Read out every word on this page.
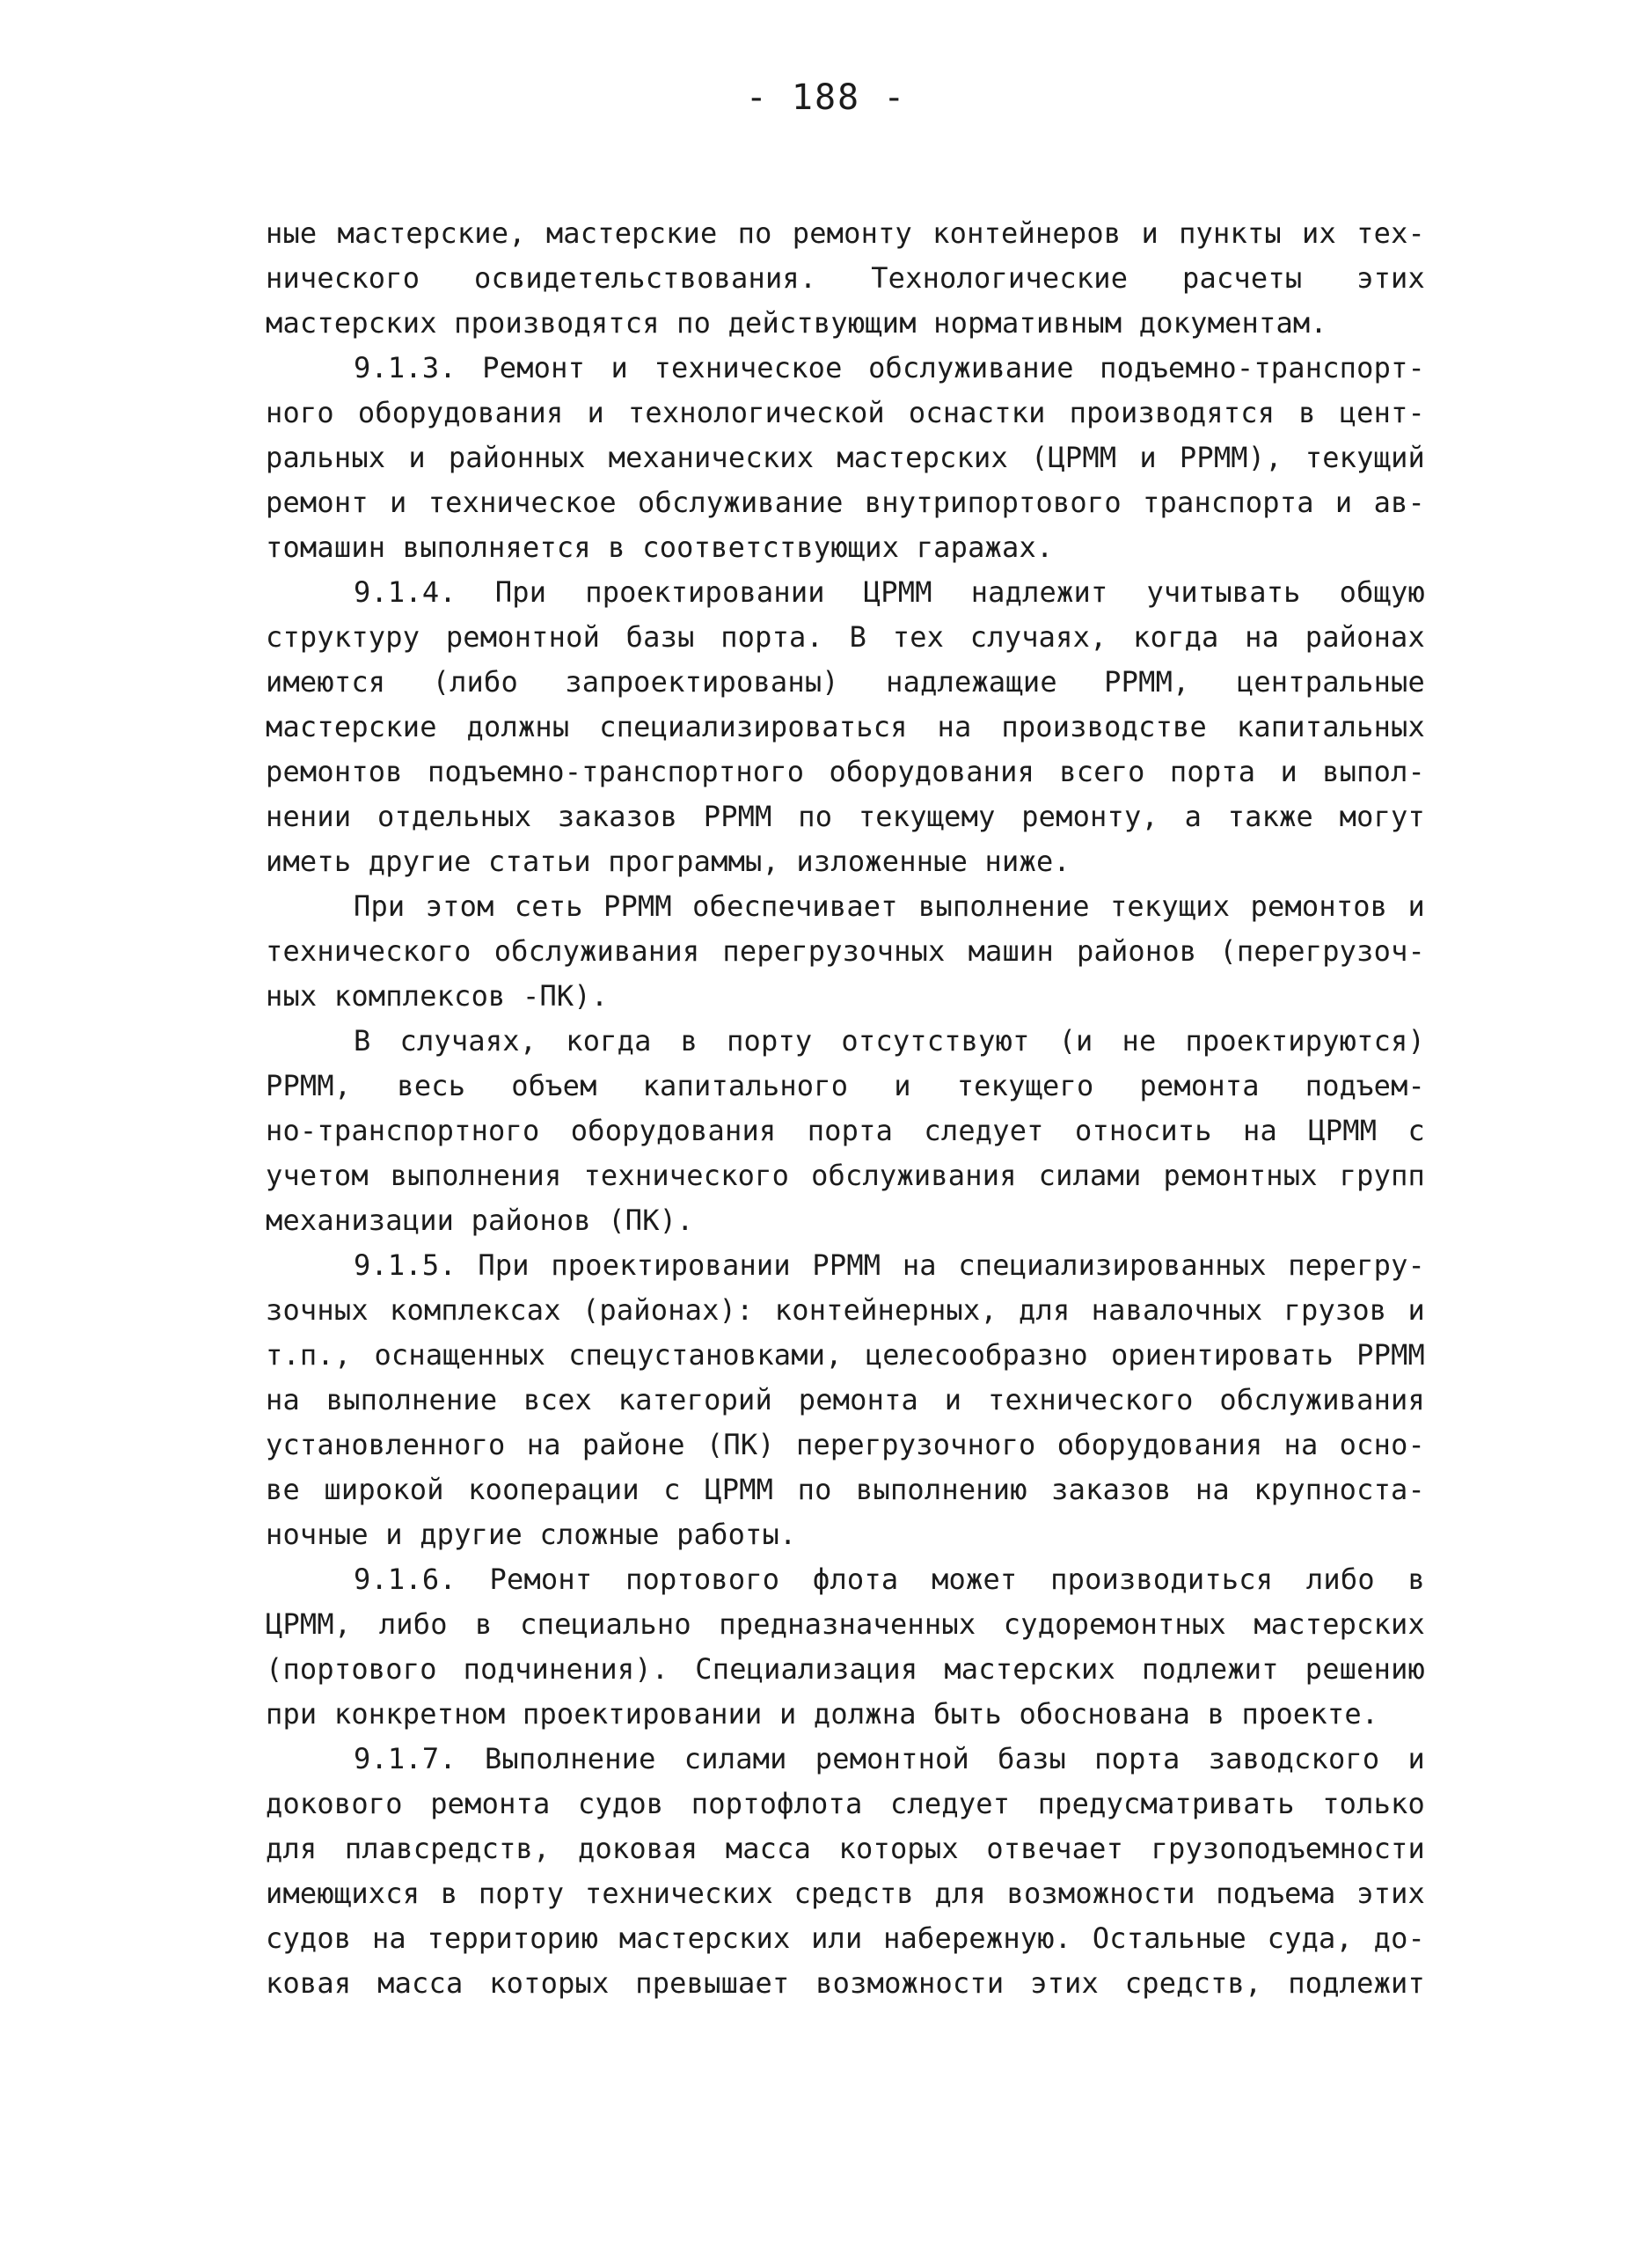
- 188 -
ные мастерские, мастерские по ремонту контейнеров и пункты их тех-
нического освидетельствования. Технологические расчеты этих
мастерских производятся по действующим нормативным документам.
9.1.3. Ремонт и техническое обслуживание подъемно-транспорт-
ного оборудования и технологической оснастки производятся в цент-
ральных и районных механических мастерских (ЦРММ и РРММ), текущий
ремонт и техническое обслуживание внутрипортового транспорта и ав-
томашин выполняется в соответствующих гаражах.
9.1.4. При проектировании ЦРММ надлежит учитывать общую
структуру ремонтной базы порта. В тех случаях, когда на районах
имеются (либо запроектированы) надлежащие РРММ, центральные
мастерские должны специализироваться на производстве капитальных
ремонтов подъемно-транспортного оборудования всего порта и выпол-
нении отдельных заказов РРММ по текущему ремонту, а также могут
иметь другие статьи программы, изложенные ниже.
При этом сеть РРММ обеспечивает выполнение текущих ремонтов и
технического обслуживания перегрузочных машин районов (перегрузоч-
ных комплексов -ПК).
В случаях, когда в порту отсутствуют (и не проектируются)
РРММ, весь объем капитального и текущего ремонта подъем-
но-транспортного оборудования порта следует относить на ЦРММ с
учетом выполнения технического обслуживания силами ремонтных групп
механизации районов (ПК).
9.1.5. При проектировании РРММ на специализированных перегру-
зочных комплексах (районах): контейнерных, для навалочных грузов и
т.п., оснащенных спецустановками, целесообразно ориентировать РРММ
на выполнение всех категорий ремонта и технического обслуживания
установленного на районе (ПК) перегрузочного оборудования на осно-
ве широкой кооперации с ЦРММ по выполнению заказов на крупноста-
ночные и другие сложные работы.
9.1.6. Ремонт портового флота может производиться либо в
ЦРММ, либо в специально предназначенных судоремонтных мастерских
(портового подчинения). Специализация мастерских подлежит решению
при конкретном проектировании и должна быть обоснована в проекте.
9.1.7. Выполнение силами ремонтной базы порта заводского и
докового ремонта судов портофлота следует предусматривать только
для плавсредств, доковая масса которых отвечает грузоподъемности
имеющихся в порту технических средств для возможности подъема этих
судов на территорию мастерских или набережную. Остальные суда, до-
ковая масса которых превышает возможности этих средств, подлежит
